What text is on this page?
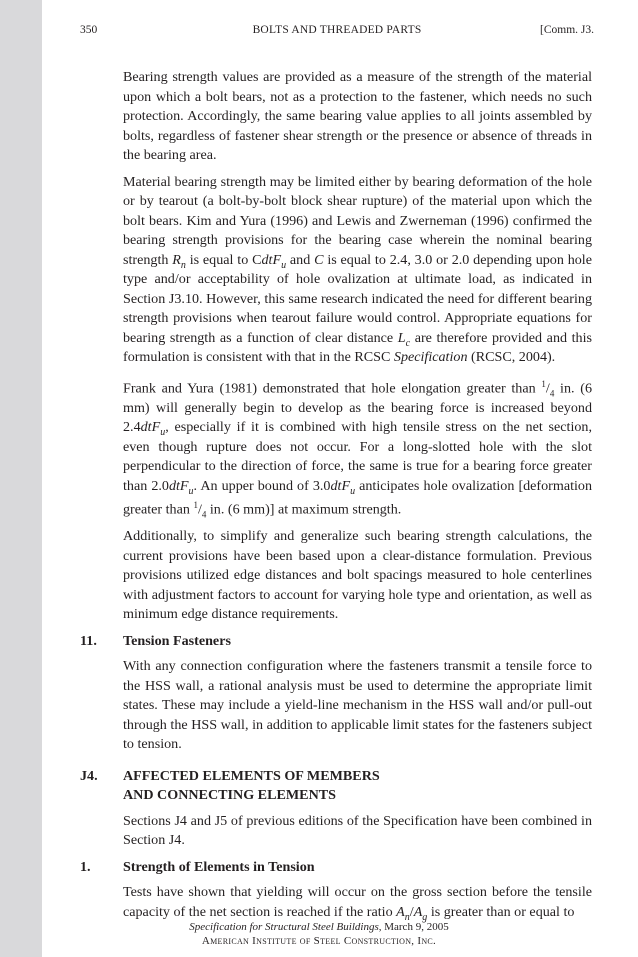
350	BOLTS AND THREADED PARTS	[Comm. J3.

Bearing strength values are provided as a measure of the strength of the material upon which a bolt bears, not as a protection to the fastener, which needs no such protection. Accordingly, the same bearing value applies to all joints assembled by bolts, regardless of fastener shear strength or the presence or absence of threads in the bearing area.

Material bearing strength may be limited either by bearing deformation of the hole or by tearout (a bolt-by-bolt block shear rupture) of the material upon which the bolt bears. Kim and Yura (1996) and Lewis and Zwerneman (1996) confirmed the bearing strength provisions for the bearing case wherein the nominal bearing strength $R_n$ is equal to CdtF$_u$ and C is equal to 2.4, 3.0 or 2.0 depending upon hole type and/or acceptability of hole ovalization at ultimate load, as indicated in Section J3.10. However, this same research indicated the need for different bearing strength provisions when tearout failure would control. Appropriate equations for bearing strength as a function of clear distance $L_c$ are therefore provided and this formulation is consistent with that in the RCSC Specification (RCSC, 2004).

Frank and Yura (1981) demonstrated that hole elongation greater than $^1/_4$ in. (6 mm) will generally begin to develop as the bearing force is increased beyond 2.4dtF$_u$, especially if it is combined with high tensile stress on the net section, even though rupture does not occur. For a long-slotted hole with the slot perpendicular to the direction of force, the same is true for a bearing force greater than 2.0dtF$_u$. An upper bound of 3.0dtF$_u$ anticipates hole ovalization [deformation greater than $^1/_4$ in. (6 mm)] at maximum strength.

Additionally, to simplify and generalize such bearing strength calculations, the current provisions have been based upon a clear-distance formulation. Previous provisions utilized edge distances and bolt spacings measured to hole centerlines with adjustment factors to account for varying hole type and orientation, as well as minimum edge distance requirements.

11. Tension Fasteners

With any connection configuration where the fasteners transmit a tensile force to the HSS wall, a rational analysis must be used to determine the appropriate limit states. These may include a yield-line mechanism in the HSS wall and/or pull-out through the HSS wall, in addition to applicable limit states for the fasteners subject to tension.

J4. AFFECTED ELEMENTS OF MEMBERS
AND CONNECTING ELEMENTS

Sections J4 and J5 of previous editions of the Specification have been combined in Section J4.

1. Strength of Elements in Tension

Tests have shown that yielding will occur on the gross section before the tensile capacity of the net section is reached if the ratio $A_n/A_g$ is greater than or equal to

Specification for Structural Steel Buildings, March 9, 2005
American Institute of Steel Construction, Inc.
